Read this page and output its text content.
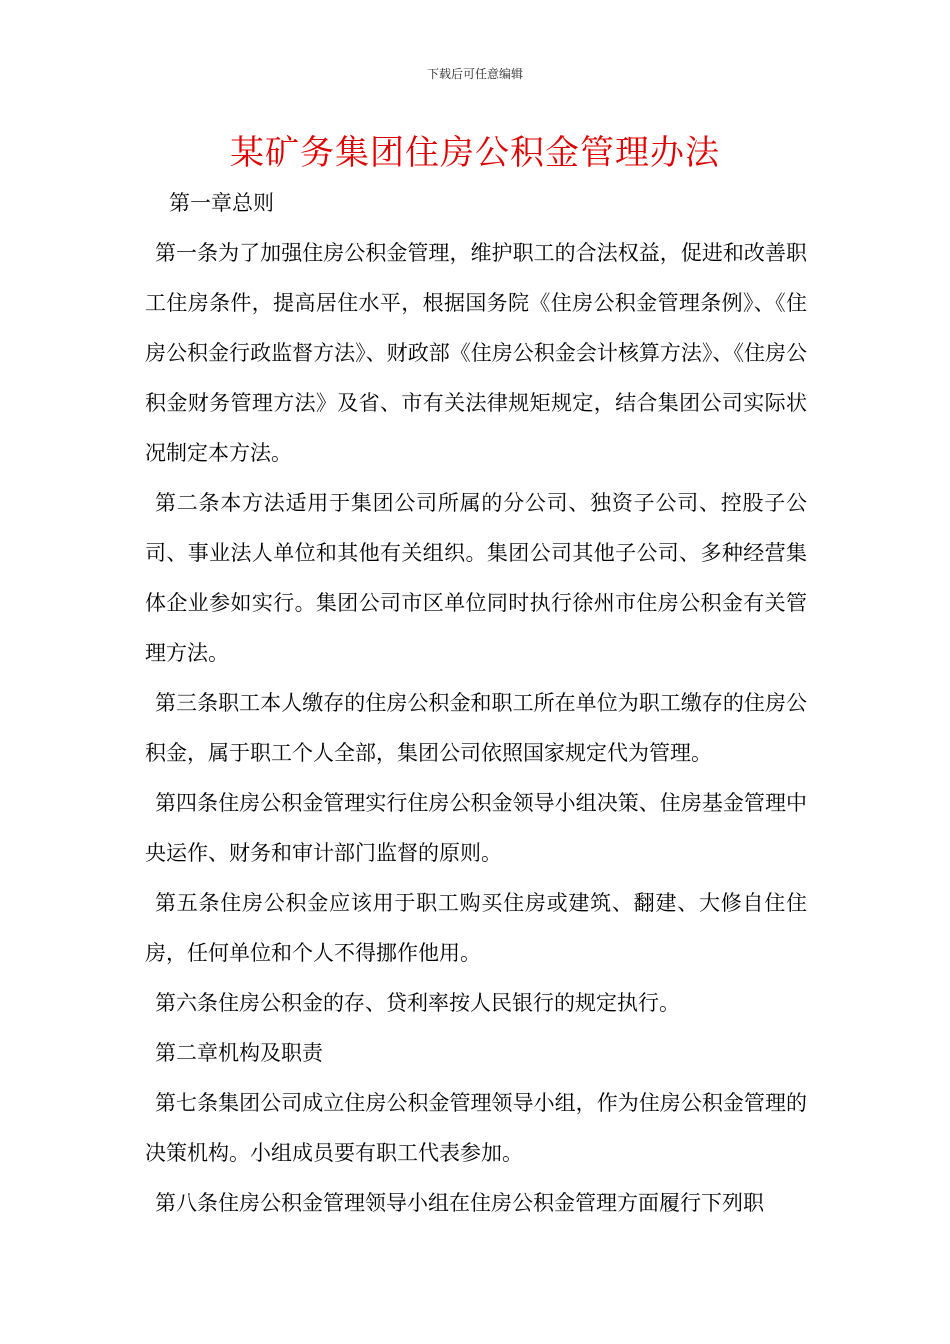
下载后可任意编辑
某矿务集团住房公积金管理办法

第一章总则

第一条为了加强住房公积金管理，维护职工的合法权益，促进和改善职工住房条件，提高居住水平，根据国务院《住房公积金管理条例》、《住房公积金行政监督方法》、财政部《住房公积金会计核算方法》、《住房公积金财务管理方法》及省、市有关法律规矩规定，结合集团公司实际状况制定本方法。

第二条本方法适用于集团公司所属的分公司、独资子公司、控股子公司、事业法人单位和其他有关组织。集团公司其他子公司、多种经营集体企业参如实行。集团公司市区单位同时执行徐州市住房公积金有关管理方法。

第三条职工本人缴存的住房公积金和职工所在单位为职工缴存的住房公积金，属于职工个人全部，集团公司依照国家规定代为管理。

第四条住房公积金管理实行住房公积金领导小组决策、住房基金管理中央运作、财务和审计部门监督的原则。

第五条住房公积金应该用于职工购买住房或建筑、翻建、大修自住住房，任何单位和个人不得挪作他用。

第六条住房公积金的存、贷利率按人民银行的规定执行。

第二章机构及职责

第七条集团公司成立住房公积金管理领导小组，作为住房公积金管理的决策机构。小组成员要有职工代表参加。

第八条住房公积金管理领导小组在住房公积金管理方面履行下列职
